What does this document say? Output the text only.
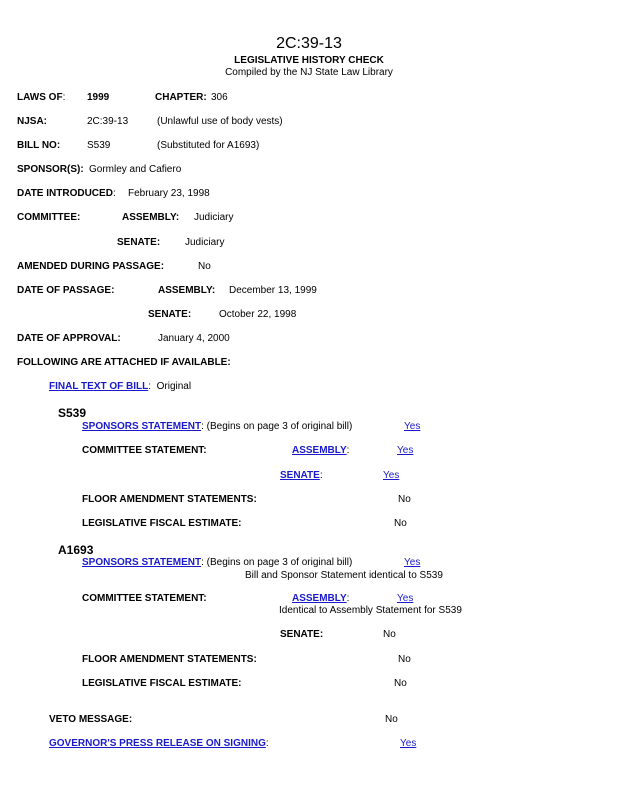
2C:39-13
LEGISLATIVE HISTORY CHECK
Compiled by the NJ State Law Library
LAWS OF: 1999	CHAPTER: 306
NJSA:	2C:39-13	(Unlawful use of body vests)
BILL NO:	S539	(Substituted for A1693)
SPONSOR(S): Gormley and Cafiero
DATE INTRODUCED: February 23, 1998
COMMITTEE:	ASSEMBLY: Judiciary
SENATE: Judiciary
AMENDED DURING PASSAGE:	No
DATE OF PASSAGE:	ASSEMBLY: December 13, 1999
SENATE:	October 22, 1998
DATE OF APPROVAL:	January 4, 2000
FOLLOWING ARE ATTACHED IF AVAILABLE:
FINAL TEXT OF BILL: Original
S539
SPONSORS STATEMENT: (Begins on page 3 of original bill)	Yes
COMMITTEE STATEMENT:	ASSEMBLY:	Yes
SENATE:	Yes
FLOOR AMENDMENT STATEMENTS:	No
LEGISLATIVE FISCAL ESTIMATE:	No
A1693
SPONSORS STATEMENT: (Begins on page 3 of original bill)	Yes
Bill and Sponsor Statement identical to S539
COMMITTEE STATEMENT:	ASSEMBLY:	Yes
Identical to Assembly Statement for S539
SENATE:	No
FLOOR AMENDMENT STATEMENTS:	No
LEGISLATIVE FISCAL ESTIMATE:	No
VETO MESSAGE:	No
GOVERNOR'S PRESS RELEASE ON SIGNING:	Yes
